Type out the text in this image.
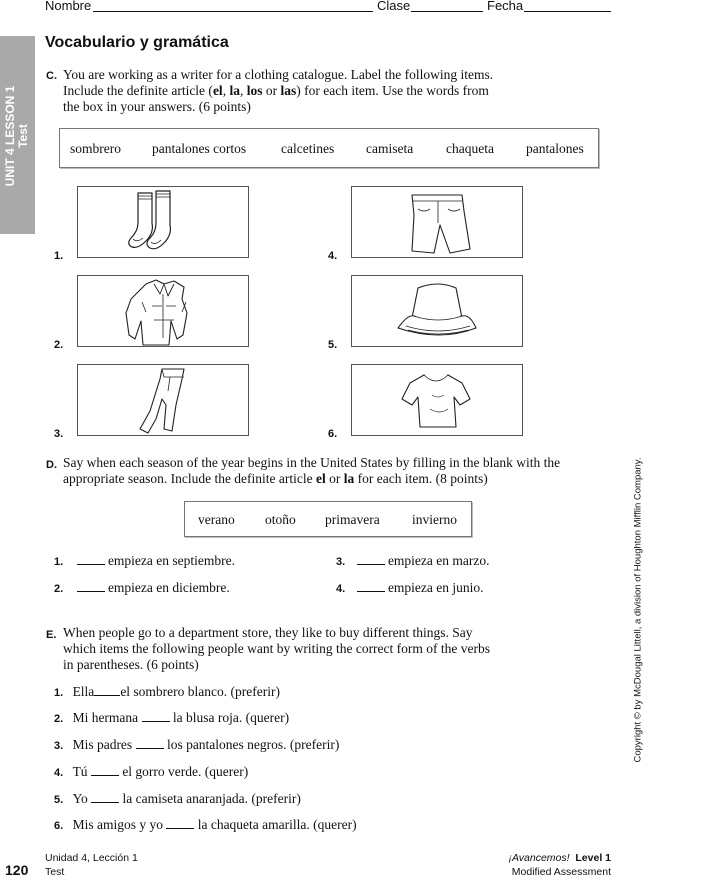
Nombre	Clase	Fecha
UNIT 4 LESSON 1 Test
Vocabulario y gramática
C. You are working as a writer for a clothing catalogue. Label the following items.
Include the definite article (el, la, los or las) for each item. Use the words from
the box in your answers. (6 points)
sombrero pantalones cortos	calcetines camiseta chaqueta pantalones
1.
2.
3.
4.
5.
6.
D. Say when each season of the year begins in the United States by filling in the blank with the
appropriate season. Include the definite article el or la for each item. (8 points)
verano otoño primavera invierno
1.	empieza en septiembre.
2.	empieza en diciembre.
3.	empieza en marzo.
4.	empieza en junio.
E. When people go to a department store, they like to buy different things. Say
which items the following people want by writing the correct form of the verbs
in parentheses. (6 points)
1. Ella el sombrero blanco. (preferir)
2. Mi hermana	la blusa roja. (querer)
3. Mis padres	los pantalones negros. (preferir)
4. Tú	el gorro verde. (querer)
5. Yo	la camiseta anaranjada. (preferir)
6. Mis amigos y yo	la chaqueta amarilla. (querer)
Copyright © by McDougal Littell, a division of Houghton Mifflin Company.
120
Unidad 4, Lección 1
Test
¡Avancemos! Level 1
Modified Assessment
